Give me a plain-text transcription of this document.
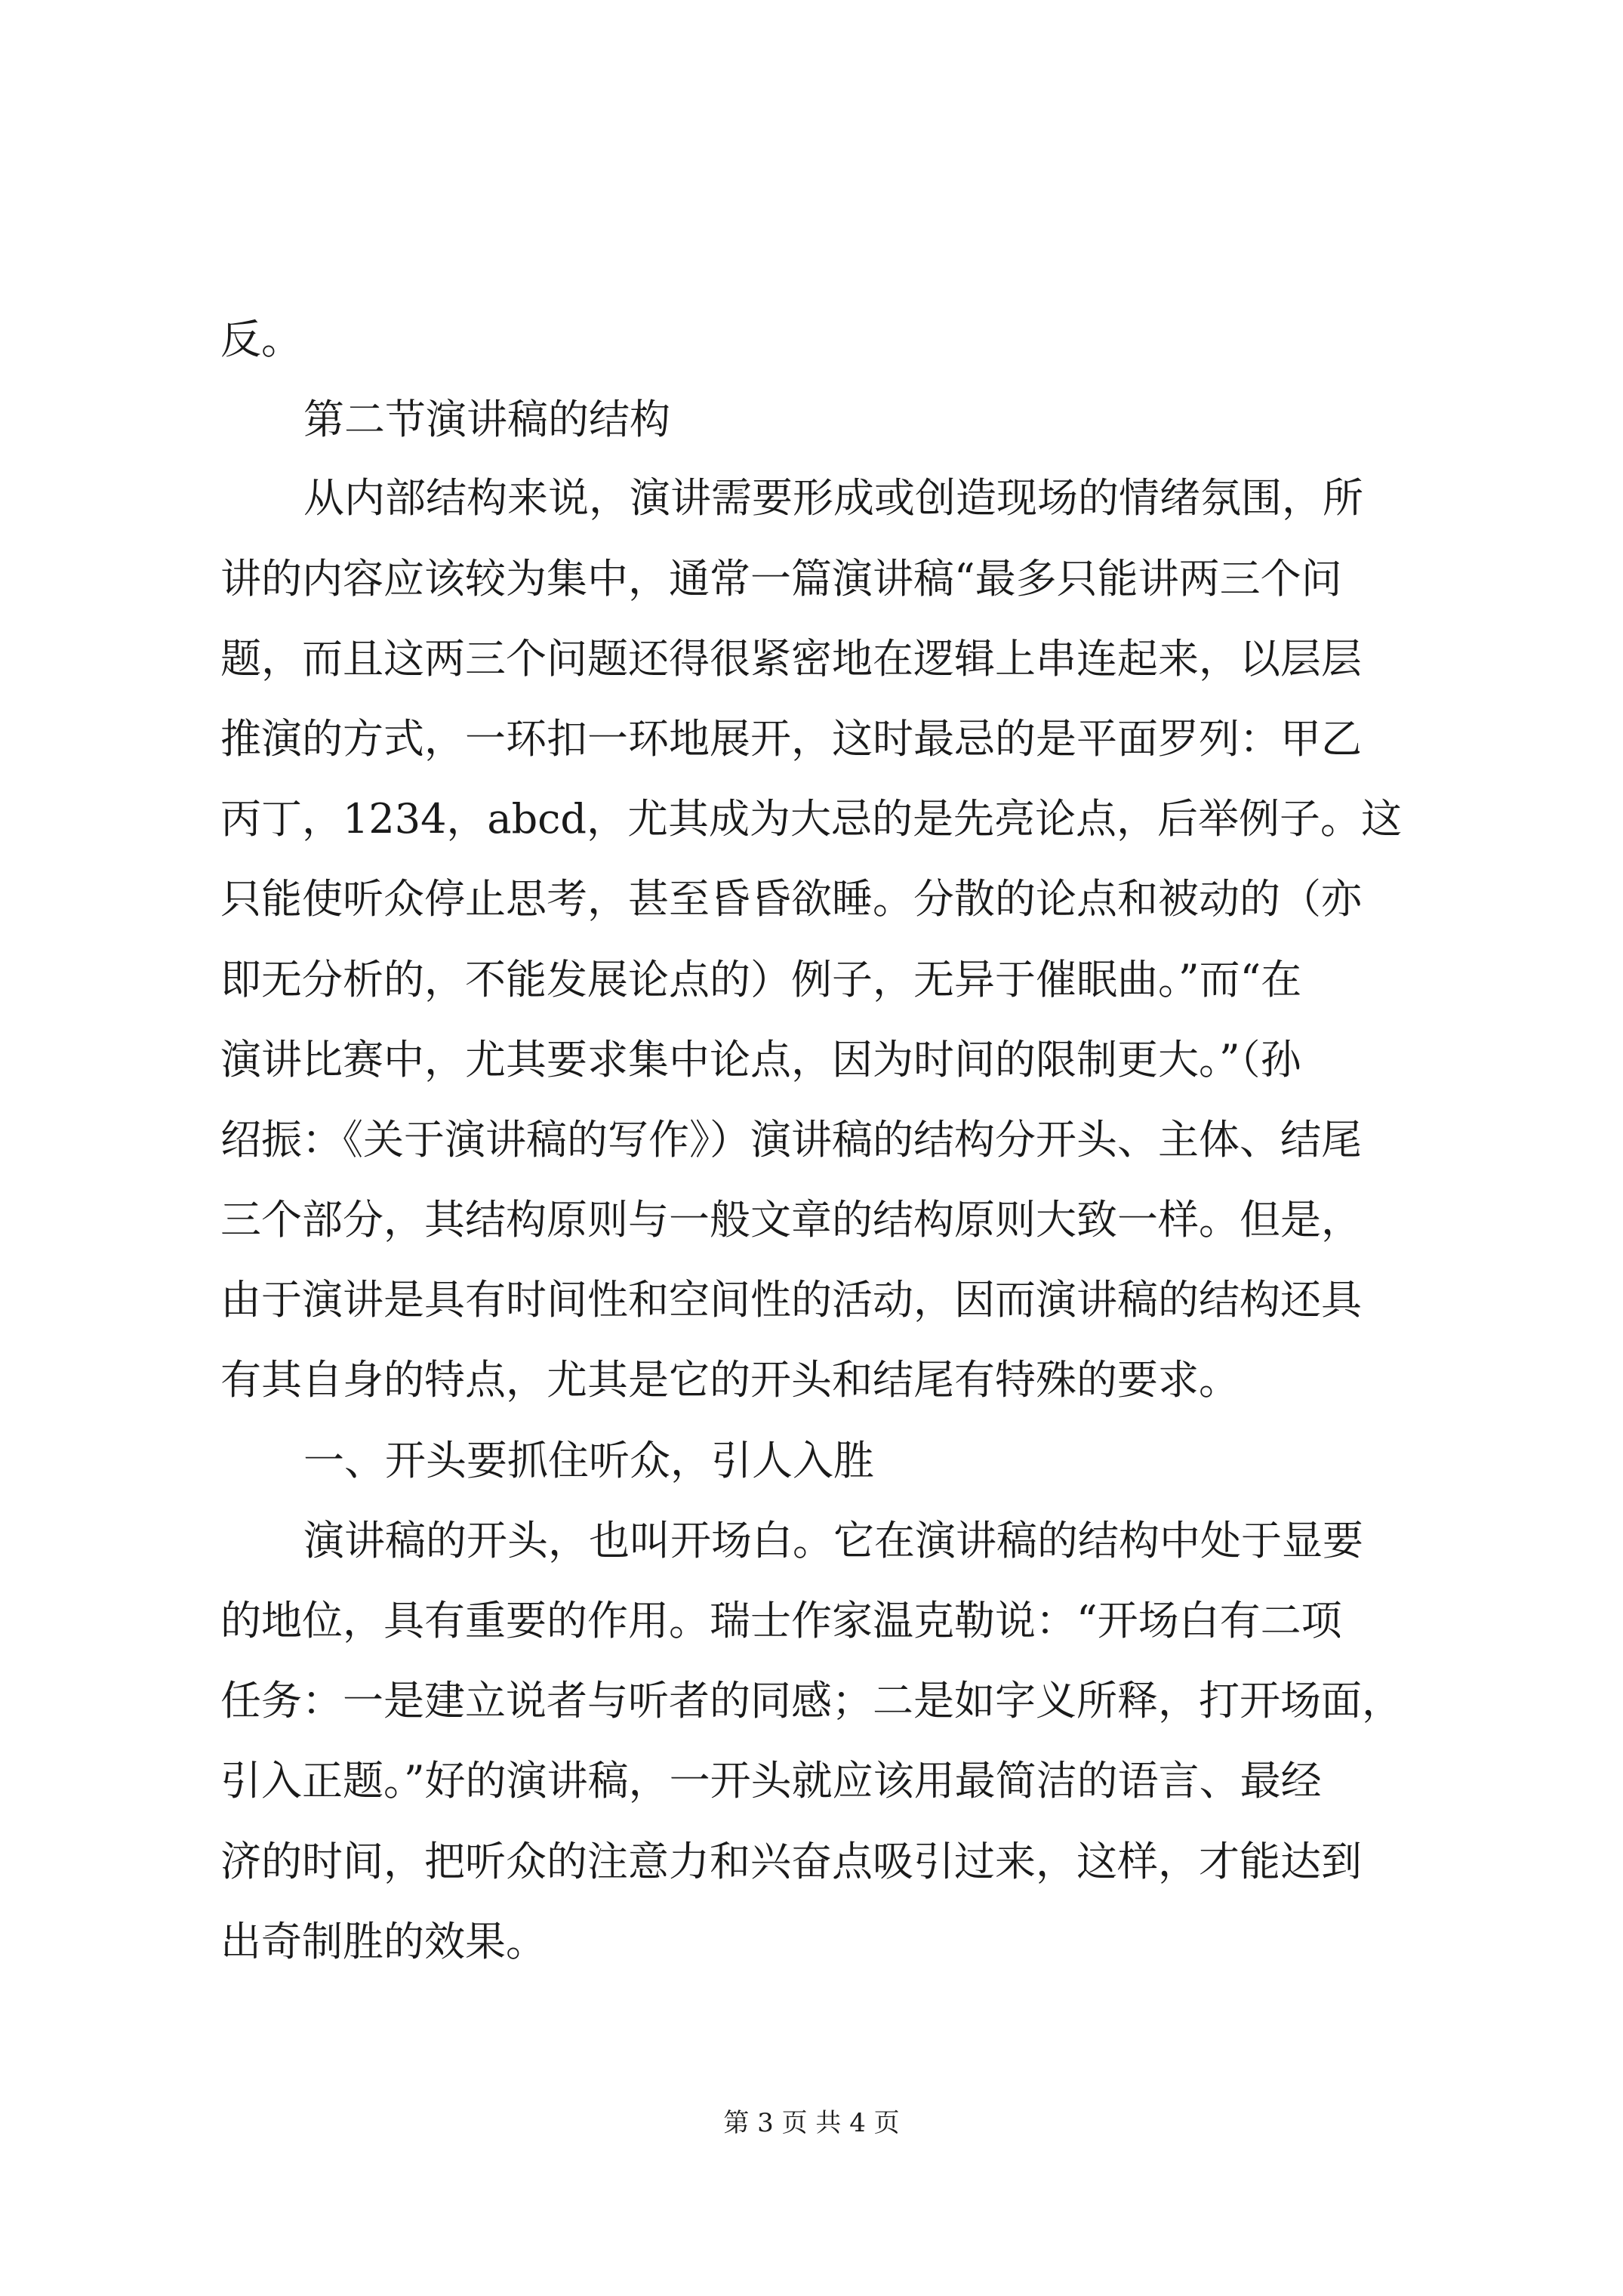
反。
第二节演讲稿的结构
从内部结构来说，演讲需要形成或创造现场的情绪氛围，所
讲的内容应该较为集中，通常一篇演讲稿“最多只能讲两三个问
题，而且这两三个问题还得很紧密地在逻辑上串连起来，以层层
推演的方式，一环扣一环地展开，这时最忌的是平面罗列：甲乙
丙丁，1234，abcd，尤其成为大忌的是先亮论点，后举例子。这
只能使听众停止思考，甚至昏昏欲睡。分散的论点和被动的（亦
即无分析的，不能发展论点的）例子，无异于催眠曲。”而“在
演讲比赛中，尤其要求集中论点，因为时间的限制更大。”（孙
绍振：《关于演讲稿的写作》）演讲稿的结构分开头、主体、结尾
三个部分，其结构原则与一般文章的结构原则大致一样。但是，
由于演讲是具有时间性和空间性的活动，因而演讲稿的结构还具
有其自身的特点，尤其是它的开头和结尾有特殊的要求。
一、开头要抓住听众，引人入胜
演讲稿的开头，也叫开场白。它在演讲稿的结构中处于显要
的地位，具有重要的作用。瑞士作家温克勒说：“开场白有二项
任务：一是建立说者与听者的同感；二是如字义所释，打开场面，
引入正题。”好的演讲稿，一开头就应该用最简洁的语言、最经
济的时间，把听众的注意力和兴奋点吸引过来，这样，才能达到
出奇制胜的效果。
第 3 页 共 4 页
